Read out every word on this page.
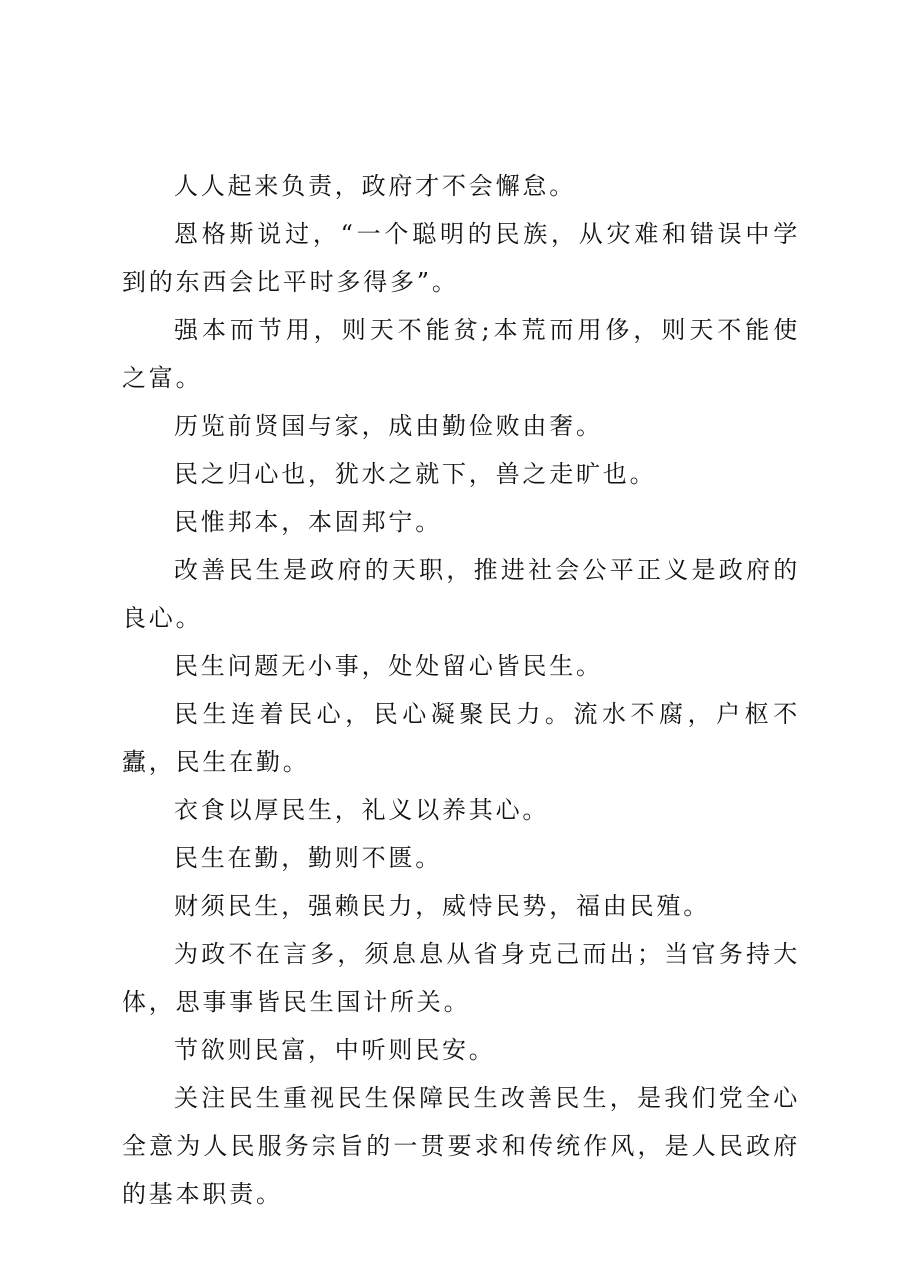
人人起来负责，政府才不会懈怠。

恩格斯说过，“一个聪明的民族，从灾难和错误中学到的东西会比平时多得多”。

强本而节用，则天不能贫;本荒而用侈，则天不能使之富。

历览前贤国与家，成由勤俭败由奢。

民之归心也，犹水之就下，兽之走旷也。

民惟邦本，本固邦宁。

改善民生是政府的天职，推进社会公平正义是政府的良心。

民生问题无小事，处处留心皆民生。

民生连着民心，民心凝聚民力。流水不腐，户枢不蠹，民生在勤。

衣食以厚民生，礼义以养其心。

民生在勤，勤则不匮。

财须民生，强赖民力，威恃民势，福由民殖。

为政不在言多，须息息从省身克己而出；当官务持大体，思事事皆民生国计所关。

节欲则民富，中听则民安。

关注民生重视民生保障民生改善民生，是我们党全心全意为人民服务宗旨的一贯要求和传统作风，是人民政府的基本职责。
